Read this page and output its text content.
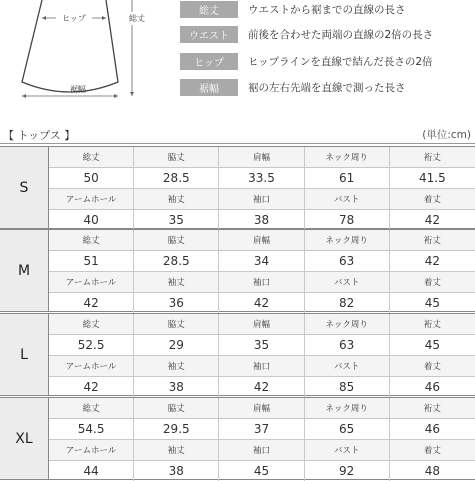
ヒップ	総丈
裾幅
総丈	ウエストから裾までの直線の長さ
ウエスト	前後を合わせた両端の直線の2倍の長さ
ヒップ	ヒップラインを直線で結んだ長さの2倍
裾幅	裾の左右先端を直線で測った長さ
【 トップス 】	(単位:cm)
S
総丈	脇丈	肩幅	ネック周り	裄丈
50	28.5	33.5	61	41.5
アームホール	袖丈	袖口	バスト	着丈
40	35	38	78	42
M
総丈	脇丈	肩幅	ネック周り	裄丈
51	28.5	34	63	42
アームホール	袖丈	袖口	バスト	着丈
42	36	42	82	45
L
総丈	脇丈	肩幅	ネック周り	裄丈
52.5	29	35	63	45
アームホール	袖丈	袖口	バスト	着丈
42	38	42	85	46
XL
総丈	脇丈	肩幅	ネック周り	裄丈
54.5	29.5	37	65	46
アームホール	袖丈	袖口	バスト	着丈
44	38	45	92	48
